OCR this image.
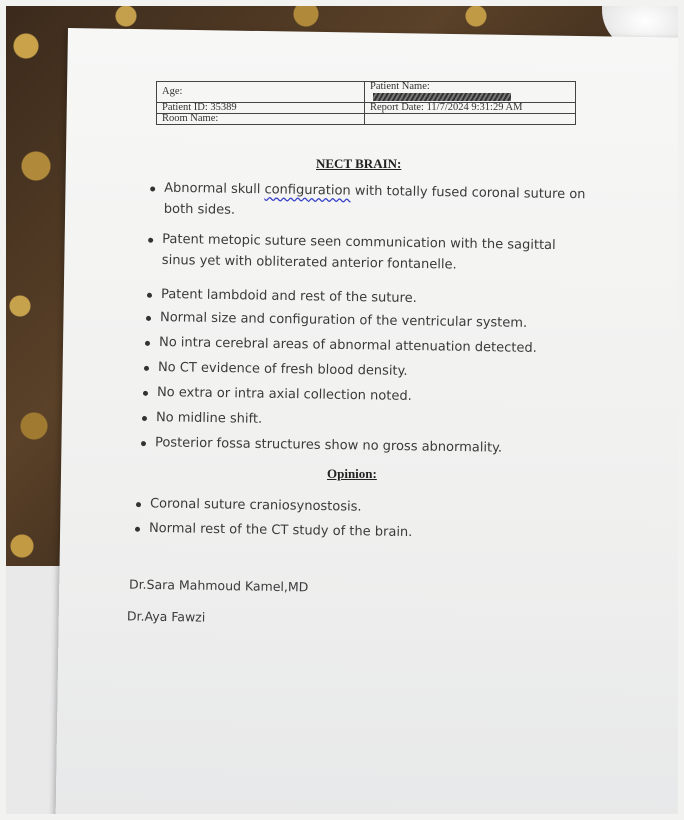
Age:	Patient Name:
Patient ID: 35389	Report Date: 11/7/2024 9:31:29 AM
Room Name:	
NECT BRAIN:
Abnormal skull configuration with totally fused coronal suture on
both sides.
Patent metopic suture seen communication with the sagittal
sinus yet with obliterated anterior fontanelle.
Patent lambdoid and rest of the suture.
Normal size and configuration of the ventricular system.
No intra cerebral areas of abnormal attenuation detected.
No CT evidence of fresh blood density.
No extra or intra axial collection noted.
No midline shift.
Posterior fossa structures show no gross abnormality.
Opinion:
Coronal suture craniosynostosis.
Normal rest of the CT study of the brain.
Dr.Sara Mahmoud Kamel,MD
Dr.Aya Fawzi
